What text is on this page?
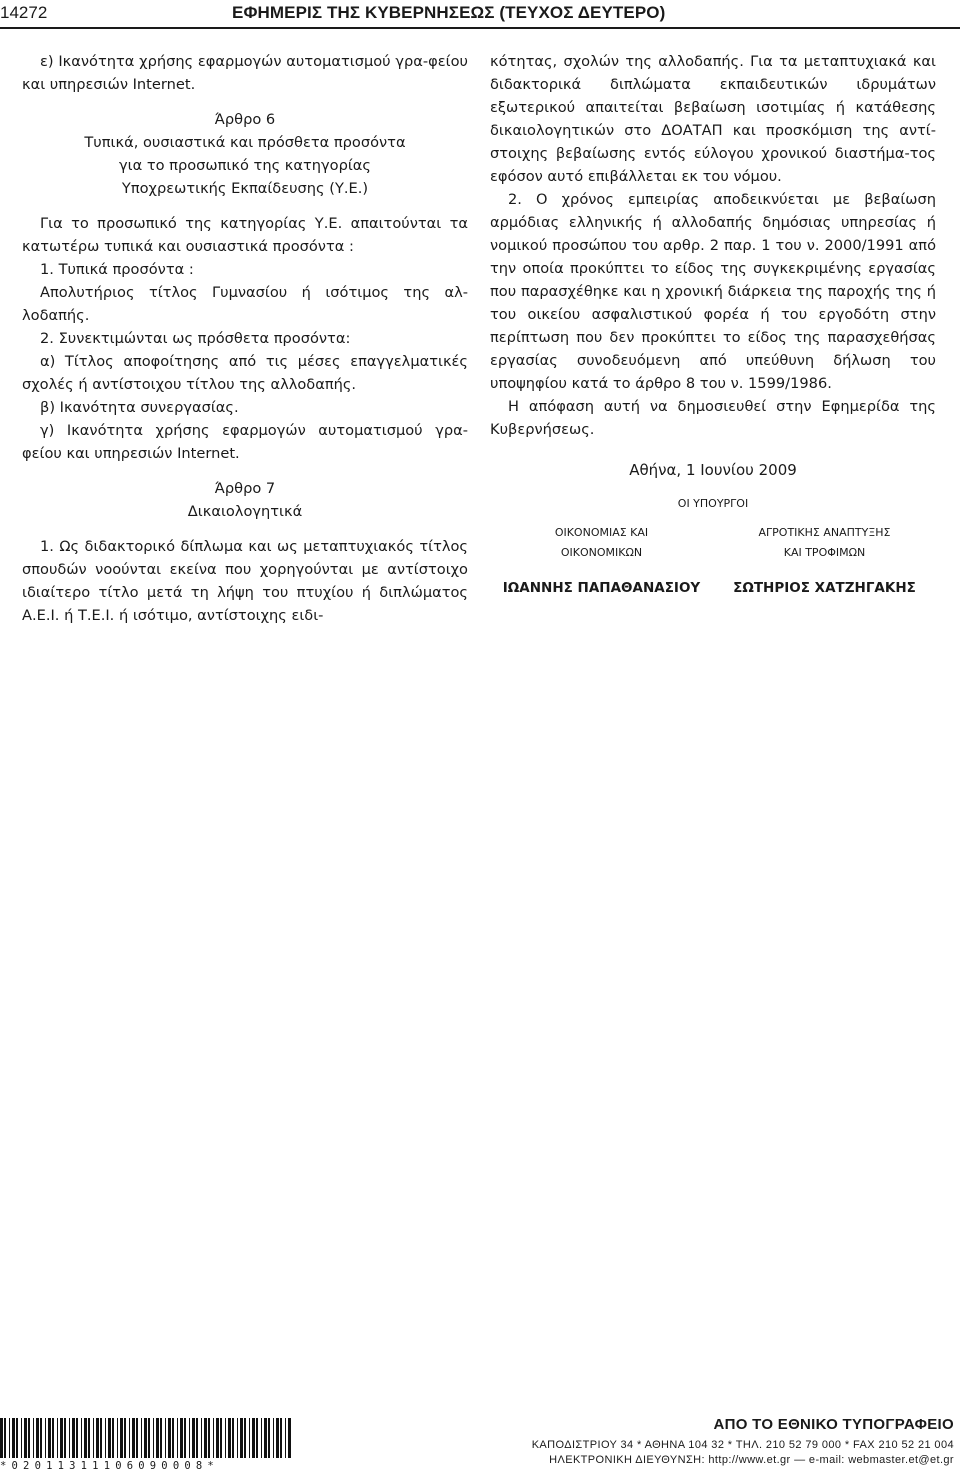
14272	ΕΦΗΜΕΡΙΣ ΤΗΣ ΚΥΒΕΡΝΗΣΕΩΣ (ΤΕΥΧΟΣ ΔΕΥΤΕΡΟ)

ε) Ικανότητα χρήσης εφαρμογών αυτοματισμού γρα-φείου και υπηρεσιών Internet.

Άρθρο 6

Τυπικά, ουσιαστικά και πρόσθετα προσόντα

για το προσωπικό της κατηγορίας

Υποχρεωτικής Εκπαίδευσης (Υ.Ε.)

Για το προσωπικό της κατηγορίας Υ.Ε. απαιτούνται τα κατωτέρω τυπικά και ουσιαστικά προσόντα :

1. Τυπικά προσόντα :

Απολυτήριος τίτλος Γυμνασίου ή ισότιμος της αλ-λοδαπής.

2. Συνεκτιμώνται ως πρόσθετα προσόντα:

α) Τίτλος αποφοίτησης από τις μέσες επαγγελματικές σχολές ή αντίστοιχου τίτλου της αλλοδαπής.

β) Ικανότητα συνεργασίας.

γ) Ικανότητα χρήσης εφαρμογών αυτοματισμού γρα-φείου και υπηρεσιών Internet.

Άρθρο 7

Δικαιολογητικά

1. Ως διδακτορικό δίπλωμα και ως μεταπτυχιακός τίτλος σπουδών νοούνται εκείνα που χορηγούνται με αντίστοιχο ιδιαίτερο τίτλο μετά τη λήψη του πτυχίου ή διπλώματος Α.Ε.Ι. ή Τ.Ε.Ι. ή ισότιμο, αντίστοιχης ειδι-

κότητας, σχολών της αλλοδαπής. Για τα μεταπτυχιακά και διδακτορικά διπλώματα εκπαιδευτικών ιδρυμάτων εξωτερικού απαιτείται βεβαίωση ισοτιμίας ή κατάθεσης δικαιολογητικών στο ΔΟΑΤΑΠ και προσκόμιση της αντί-στοιχης βεβαίωσης εντός εύλογου χρονικού διαστήμα-τος εφόσον αυτό επιβάλλεται εκ του νόμου.

2. Ο χρόνος εμπειρίας αποδεικνύεται με βεβαίωση αρμόδιας ελληνικής ή αλλοδαπής δημόσιας υπηρεσίας ή νομικού προσώπου του αρθρ. 2 παρ. 1 του ν. 2000/1991 από την οποία προκύπτει το είδος της συγκεκριμένης εργασίας που παρασχέθηκε και η χρονική διάρκεια της παροχής της ή του οικείου ασφαλιστικού φορέα ή του εργοδότη στην περίπτωση που δεν προκύπτει το είδος της παρασχεθήσας εργασίας συνοδευόμενη από υπεύθυνη δήλωση του υποψηφίου κατά το άρθρο 8 του ν. 1599/1986.

Η απόφαση αυτή να δημοσιευθεί στην Εφημερίδα της Κυβερνήσεως.

Αθήνα, 1 Ιουνίου 2009
ΟΙ ΥΠΟΥΡΓΟΙ
ΟΙΚΟΝΟΜΙΑΣ ΚΑΙ
ΟΙΚΟΝΟΜΙΚΩΝ
ΑΓΡΟΤΙΚΗΣ ΑΝΑΠΤΥΞΗΣ
ΚΑΙ ΤΡΟΦΙΜΩΝ
ΙΩΑΝΝΗΣ ΠΑΠΑΘΑΝΑΣΙΟΥ	ΣΩΤΗΡΙΟΣ ΧΑΤΖΗΓΑΚΗΣ
*02011311106090008*
ΑΠΟ ΤΟ ΕΘΝΙΚΟ ΤΥΠΟΓΡΑΦΕΙΟ
ΚΑΠΟΔΙΣΤΡΙΟΥ 34 * ΑΘΗΝΑ 104 32 * ΤΗΛ. 210 52 79 000 * FAX 210 52 21 004
ΗΛΕΚΤΡΟΝΙΚΗ ΔΙΕΥΘΥΝΣΗ: http://www.et.gr — e-mail: webmaster.et@et.gr
